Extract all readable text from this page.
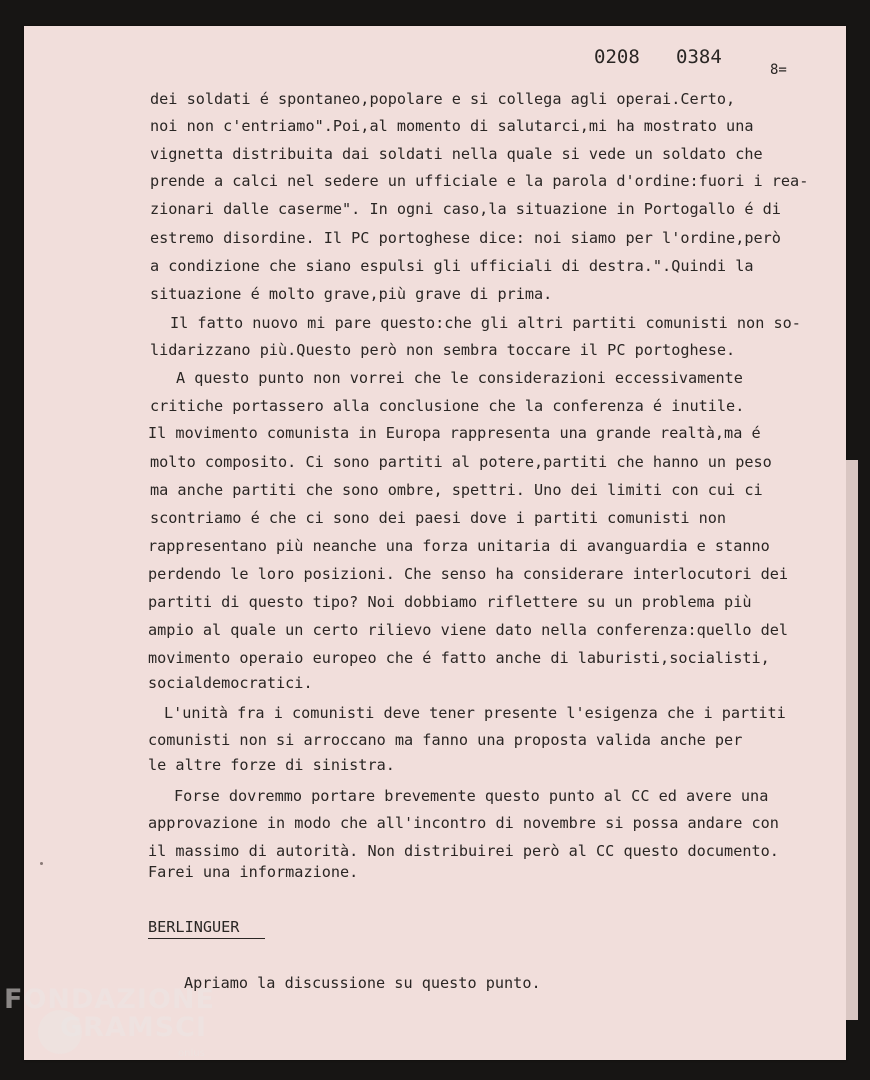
0208 0384
8=
dei soldati é spontaneo,popolare e si collega agli operai.Certo,
noi non c'entriamo".Poi,al momento di salutarci,mi ha mostrato una
vignetta distribuita dai soldati nella quale si vede un soldato che
prende a calci nel sedere un ufficiale e la parola d'ordine:fuori i rea-
zionari dalle caserme". In ogni caso,la situazione in Portogallo é di
estremo disordine. Il PC portoghese dice: noi siamo per l'ordine,però
a condizione che siano espulsi gli ufficiali di destra.".Quindi la
situazione é molto grave,più grave di prima.
Il fatto nuovo mi pare questo:che gli altri partiti comunisti non so-
lidarizzano più.Questo però non sembra toccare il PC portoghese.
A questo punto non vorrei che le considerazioni eccessivamente
critiche portassero alla conclusione che la conferenza é inutile.
Il movimento comunista in Europa rappresenta una grande realtà,ma é
molto composito. Ci sono partiti al potere,partiti che hanno un peso
ma anche partiti che sono ombre, spettri. Uno dei limiti con cui ci
scontriamo é che ci sono dei paesi dove i partiti comunisti non
rappresentano più neanche una forza unitaria di avanguardia e stanno
perdendo le loro posizioni. Che senso ha considerare interlocutori dei
partiti di questo tipo? Noi dobbiamo riflettere su un problema più
ampio al quale un certo rilievo viene dato nella conferenza:quello del
movimento operaio europeo che é fatto anche di laburisti,socialisti,
socialdemocratici.
L'unità fra i comunisti deve tener presente l'esigenza che i partiti
comunisti non si arroccano ma fanno una proposta valida anche per
le altre forze di sinistra.
Forse dovremmo portare brevemente questo punto al CC ed avere una
approvazione in modo che all'incontro di novembre si possa andare con
il massimo di autorità. Non distribuirei però al CC questo documento.
Farei una informazione.
BERLINGUER
Apriamo la discussione su questo punto.
FONDAZIONE
GRAMSCI
onlus
